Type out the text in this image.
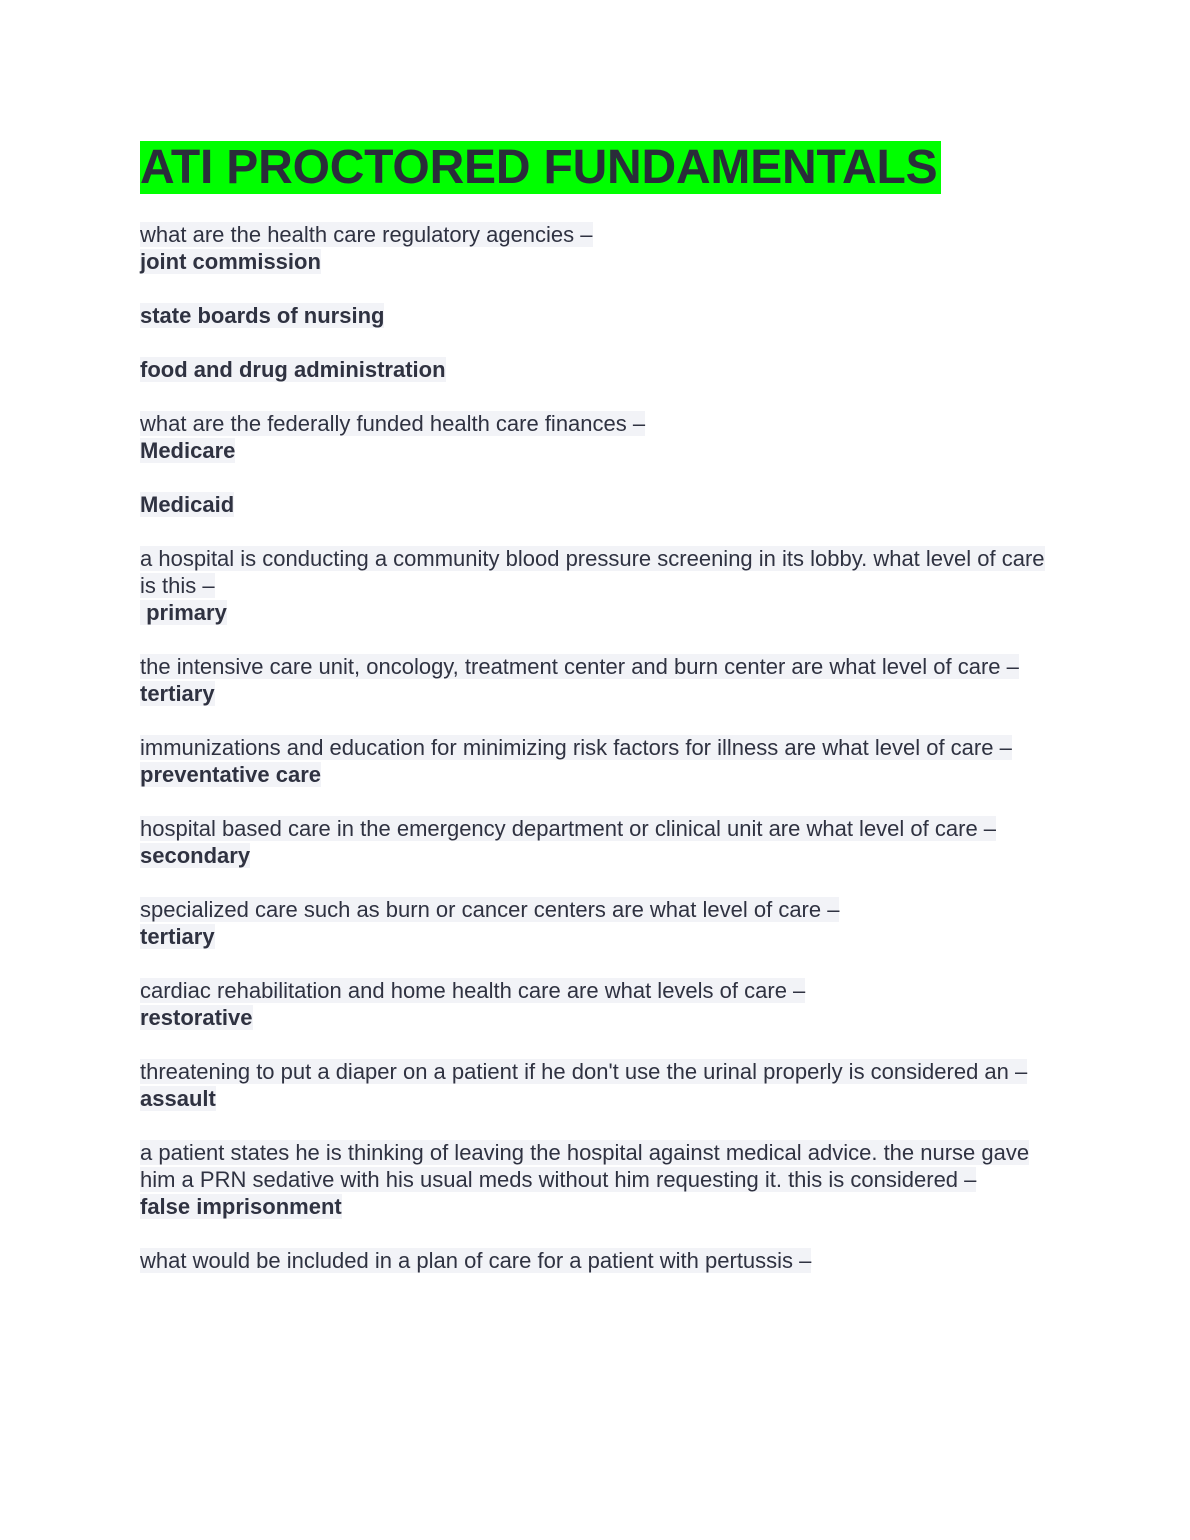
ATI PROCTORED FUNDAMENTALS
what are the health care regulatory agencies –
joint commission
state boards of nursing
food and drug administration
what are the federally funded health care finances –
Medicare
Medicaid
a hospital is conducting a community blood pressure screening in its lobby. what level of care is this –
primary
the intensive care unit, oncology, treatment center and burn center are what level of care –
tertiary
immunizations and education for minimizing risk factors for illness are what level of care –
preventative care
hospital based care in the emergency department or clinical unit are what level of care –
secondary
specialized care such as burn or cancer centers are what level of care –
tertiary
cardiac rehabilitation and home health care are what levels of care –
restorative
threatening to put a diaper on a patient if he don't use the urinal properly is considered an –
assault
a patient states he is thinking of leaving the hospital against medical advice. the nurse gave him a PRN sedative with his usual meds without him requesting it. this is considered –
false imprisonment
what would be included in a plan of care for a patient with pertussis –
